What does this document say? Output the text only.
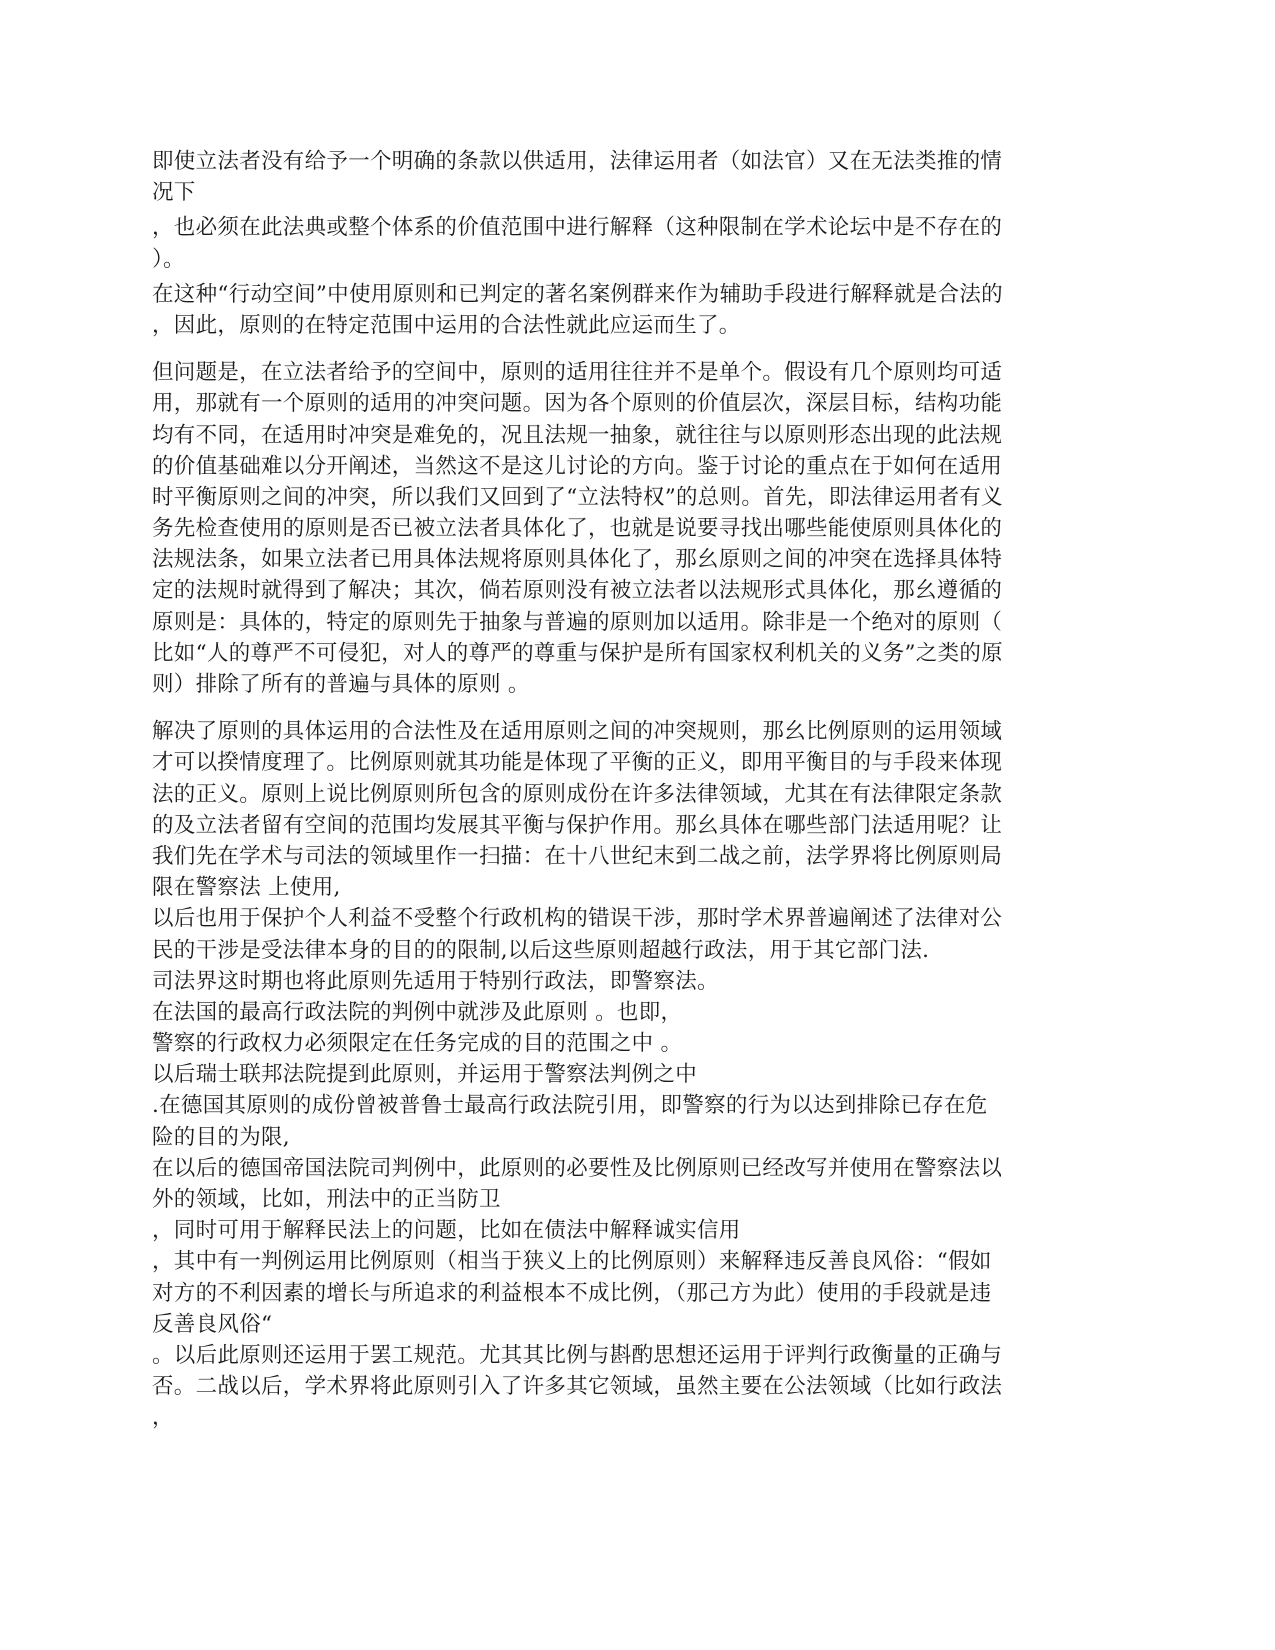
即使立法者没有给予一个明确的条款以供适用，法律运用者（如法官）又在无法类推的情
况下
，也必须在此法典或整个体系的价值范围中进行解释（这种限制在学术论坛中是不存在的
）。
在这种“行动空间”中使用原则和已判定的著名案例群来作为辅助手段进行解释就是合法的
，因此，原则的在特定范围中运用的合法性就此应运而生了。
但问题是，在立法者给予的空间中，原则的适用往往并不是单个。假设有几个原则均可适
用，那就有一个原则的适用的冲突问题。因为各个原则的价值层次，深层目标，结构功能
均有不同，在适用时冲突是难免的，况且法规一抽象，就往往与以原则形态出现的此法规
的价值基础难以分开阐述，当然这不是这儿讨论的方向。鉴于讨论的重点在于如何在适用
时平衡原则之间的冲突，所以我们又回到了“立法特权”的总则。首先，即法律运用者有义
务先检查使用的原则是否已被立法者具体化了，也就是说要寻找出哪些能使原则具体化的
法规法条，如果立法者已用具体法规将原则具体化了，那幺原则之间的冲突在选择具体特
定的法规时就得到了解决；其次，倘若原则没有被立法者以法规形式具体化，那幺遵循的
原则是：具体的，特定的原则先于抽象与普遍的原则加以适用。除非是一个绝对的原则（
比如“人的尊严不可侵犯，对人的尊严的尊重与保护是所有国家权利机关的义务”之类的原
则）排除了所有的普遍与具体的原则 。
解决了原则的具体运用的合法性及在适用原则之间的冲突规则，那幺比例原则的运用领域
才可以揆情度理了。比例原则就其功能是体现了平衡的正义，即用平衡目的与手段来体现
法的正义。原则上说比例原则所包含的原则成份在许多法律领域，尤其在有法律限定条款
的及立法者留有空间的范围均发展其平衡与保护作用。那幺具体在哪些部门法适用呢？让
我们先在学术与司法的领域里作一扫描：在十八世纪末到二战之前，法学界将比例原则局
限在警察法 上使用,
以后也用于保护个人利益不受整个行政机构的错误干涉，那时学术界普遍阐述了法律对公
民的干涉是受法律本身的目的的限制,以后这些原则超越行政法，用于其它部门法.
司法界这时期也将此原则先适用于特别行政法，即警察法。
在法国的最高行政法院的判例中就涉及此原则 。也即，
警察的行政权力必须限定在任务完成的目的范围之中 。
以后瑞士联邦法院提到此原则，并运用于警察法判例之中
.在德国其原则的成份曾被普鲁士最高行政法院引用，即警察的行为以达到排除已存在危
险的目的为限,
在以后的德国帝国法院司判例中，此原则的必要性及比例原则已经改写并使用在警察法以
外的领域，比如，刑法中的正当防卫
，同时可用于解释民法上的问题，比如在债法中解释诚实信用
，其中有一判例运用比例原则（相当于狭义上的比例原则）来解释违反善良风俗：“假如
对方的不利因素的增长与所追求的利益根本不成比例，（那己方为此）使用的手段就是违
反善良风俗“
。以后此原则还运用于罢工规范。尤其其比例与斟酌思想还运用于评判行政衡量的正确与
否。二战以后，学术界将此原则引入了许多其它领域，虽然主要在公法领域（比如行政法
，
